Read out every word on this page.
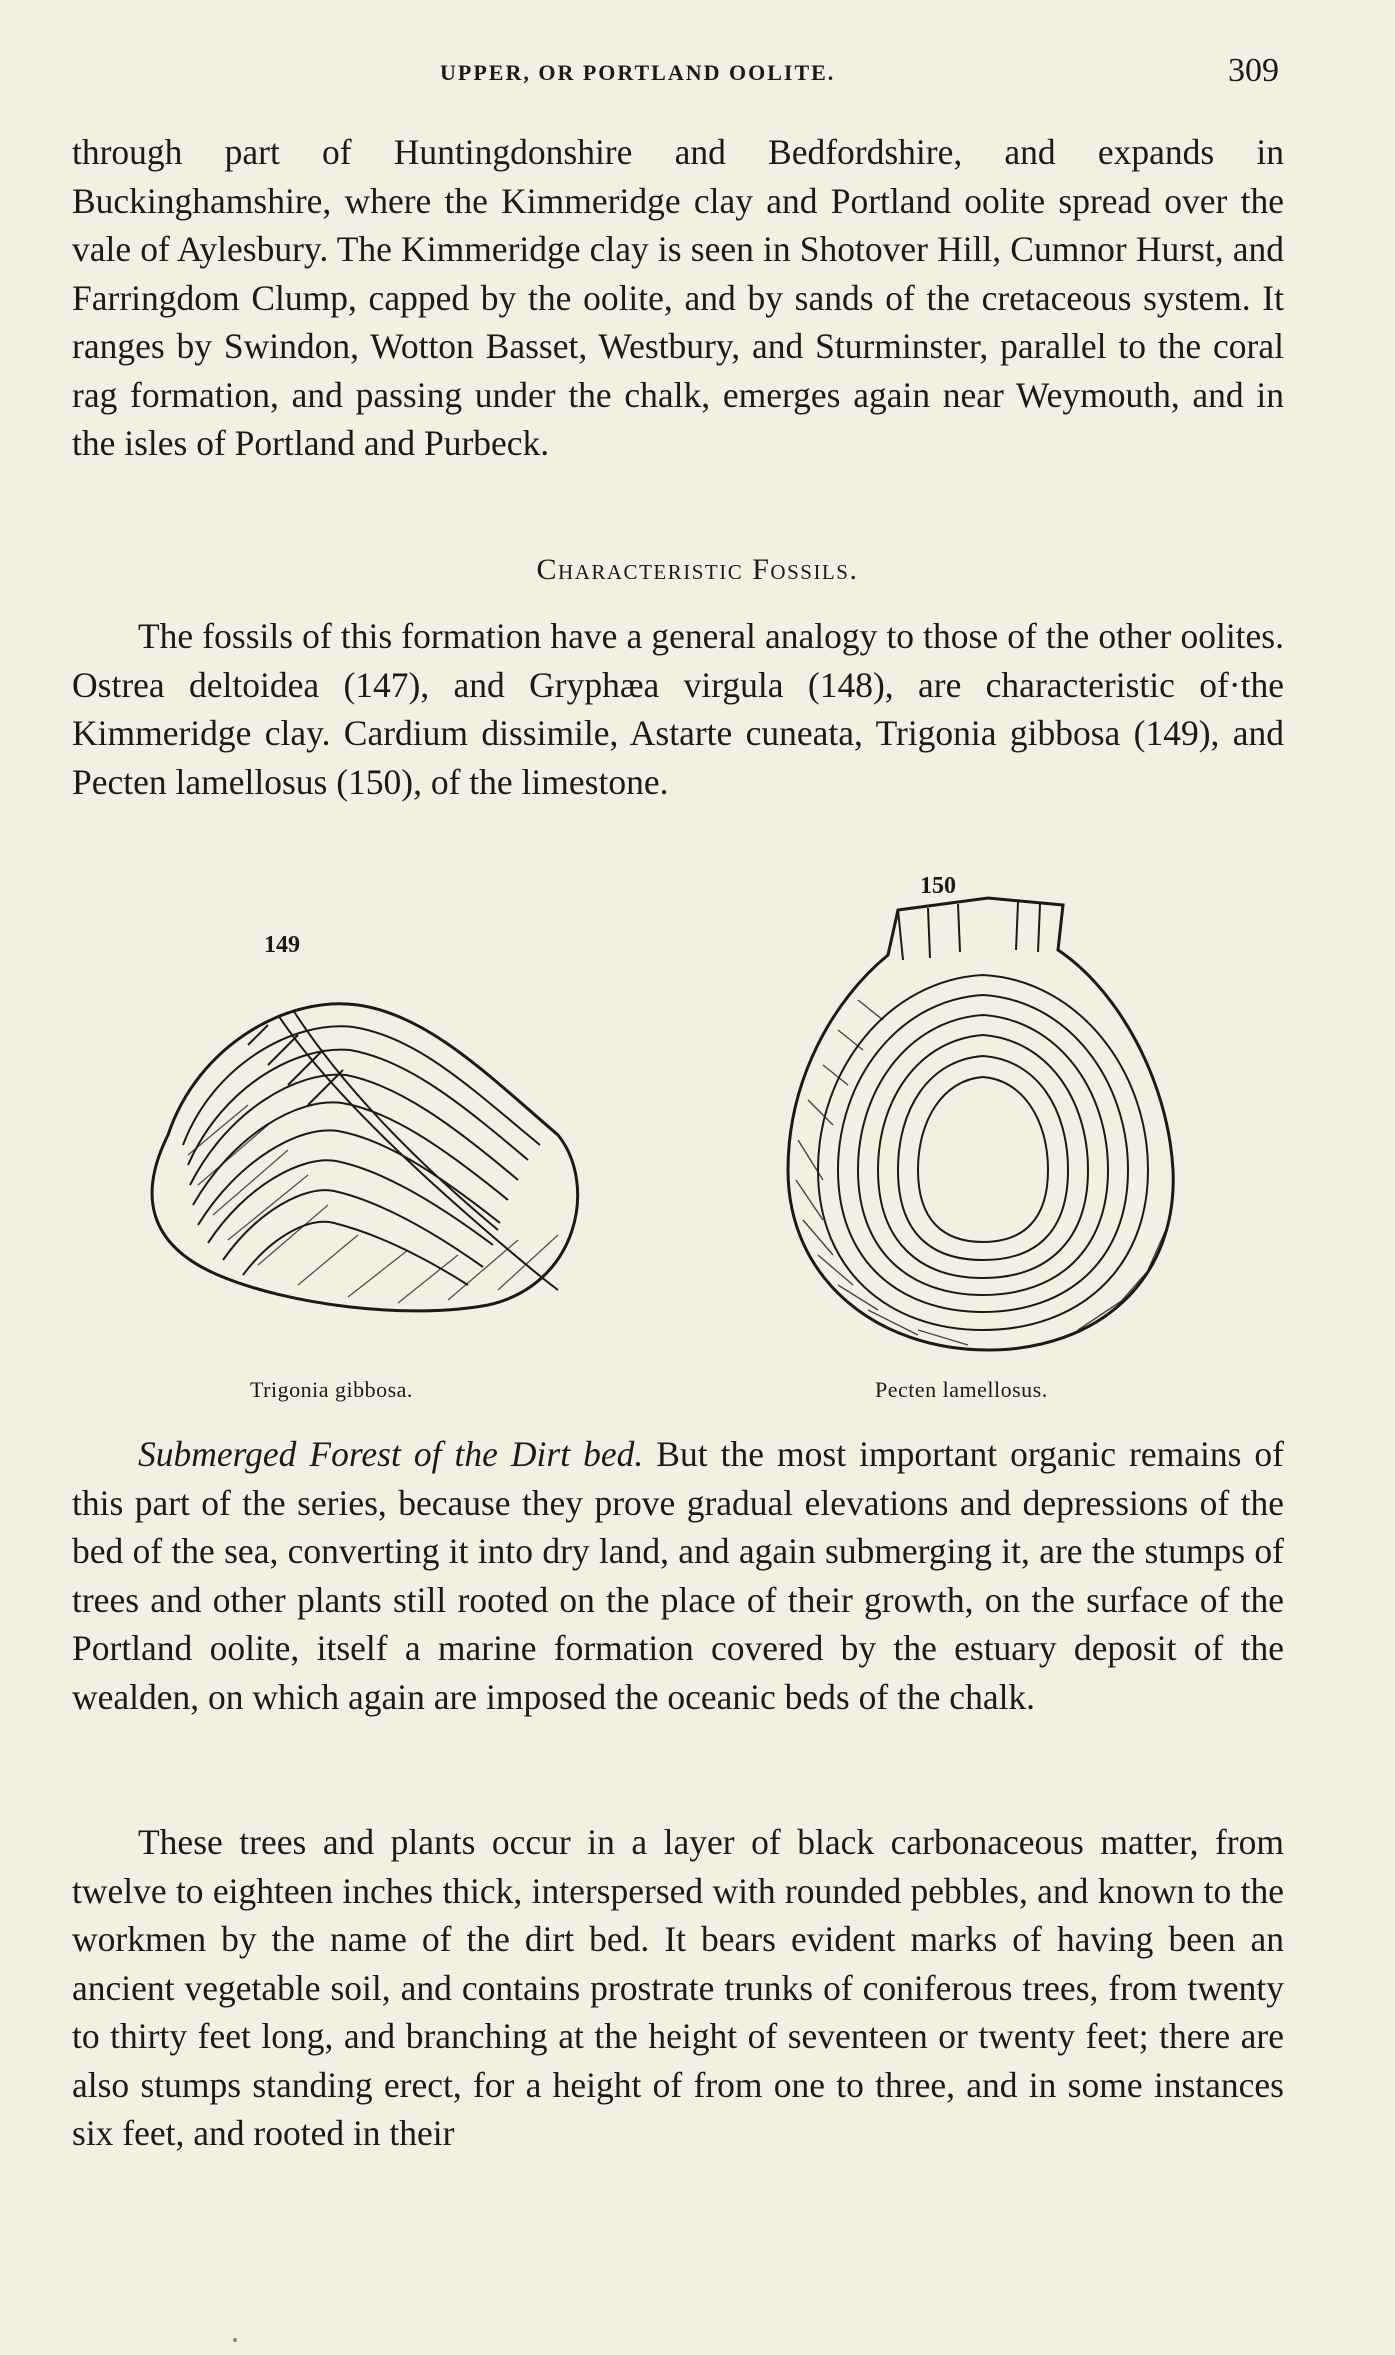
UPPER, OR PORTLAND OOLITE.	309

through part of Huntingdonshire and Bedfordshire, and expands in Buckinghamshire, where the Kimmeridge clay and Portland oolite spread over the vale of Aylesbury. The Kimmeridge clay is seen in Shotover Hill, Cumnor Hurst, and Farringdom Clump, capped by the oolite, and by sands of the cretaceous system. It ranges by Swindon, Wotton Basset, Westbury, and Sturminster, parallel to the coral rag formation, and passing under the chalk, emerges again near Weymouth, and in the isles of Portland and Purbeck.

Characteristic Fossils.

The fossils of this formation have a general analogy to those of the other oolites. Ostrea deltoidea (147), and Gryphæa virgula (148), are characteristic of·the Kimmeridge clay. Cardium dissimile, Astarte cuneata, Trigonia gibbosa (149), and Pecten lamellosus (150), of the limestone.

149
Trigonia gibbosa.
150
Pecten lamellosus.

Submerged Forest of the Dirt bed. But the most important organic remains of this part of the series, because they prove gradual elevations and depressions of the bed of the sea, converting it into dry land, and again submerging it, are the stumps of trees and other plants still rooted on the place of their growth, on the surface of the Portland oolite, itself a marine formation covered by the estuary deposit of the wealden, on which again are imposed the oceanic beds of the chalk.

These trees and plants occur in a layer of black carbonaceous matter, from twelve to eighteen inches thick, interspersed with rounded pebbles, and known to the workmen by the name of the dirt bed. It bears evident marks of having been an ancient vegetable soil, and contains prostrate trunks of coniferous trees, from twenty to thirty feet long, and branching at the height of seventeen or twenty feet; there are also stumps standing erect, for a height of from one to three, and in some instances six feet, and rooted in their
